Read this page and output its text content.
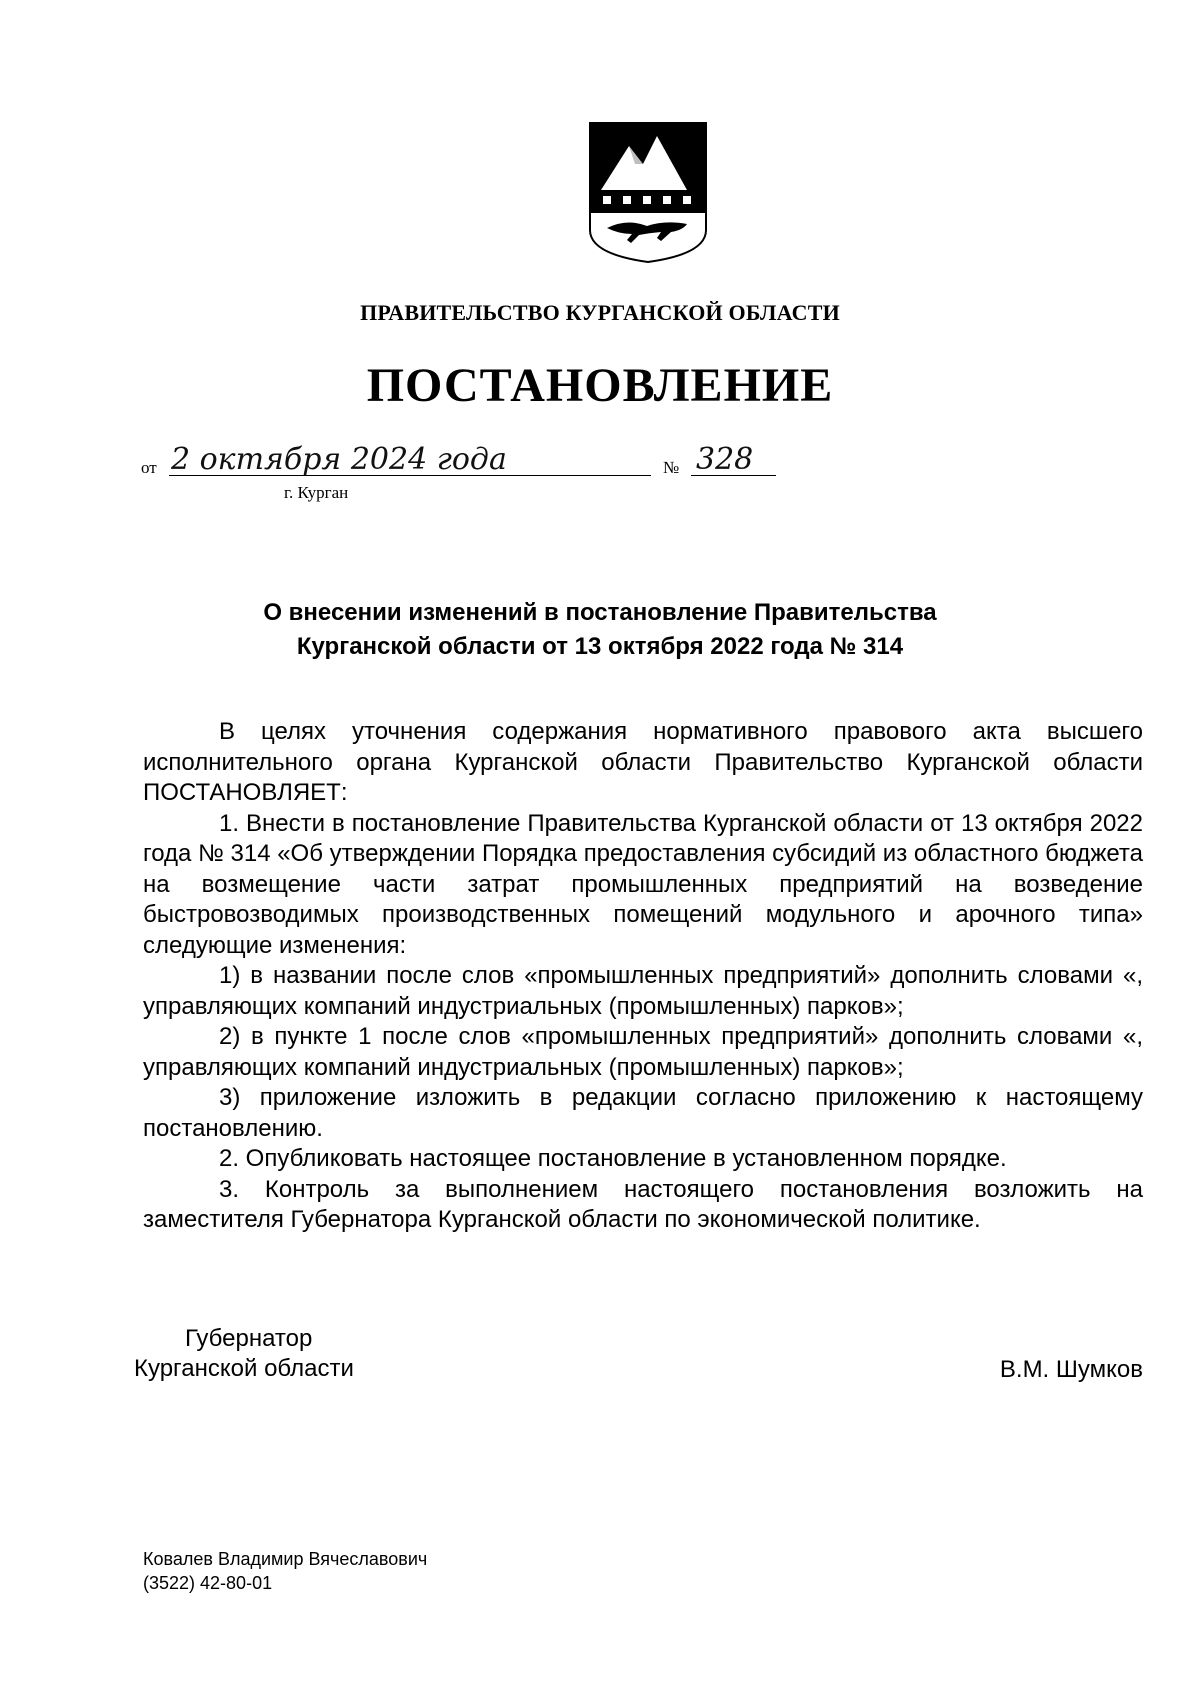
ПРАВИТЕЛЬСТВО КУРГАНСКОЙ ОБЛАСТИ
ПОСТАНОВЛЕНИЕ
от 2 октября 2024 года	№ 328
г. Курган
О внесении изменений в постановление Правительства
Курганской области от 13 октября 2022 года № 314

В целях уточнения содержания нормативного правового акта высшего исполнительного органа Курганской области Правительство Курганской области ПОСТАНОВЛЯЕТ:

1. Внести в постановление Правительства Курганской области от 13 октября 2022 года № 314 «Об утверждении Порядка предоставления субсидий из областного бюджета на возмещение части затрат промышленных предприятий на возведение быстровозводимых производственных помещений модульного и арочного типа» следующие изменения:

1) в названии после слов «промышленных предприятий» дополнить словами «, управляющих компаний индустриальных (промышленных) парков»;

2) в пункте 1 после слов «промышленных предприятий» дополнить словами «, управляющих компаний индустриальных (промышленных) парков»;

3) приложение изложить в редакции согласно приложению к настоящему постановлению.

2. Опубликовать настоящее постановление в установленном порядке.

3. Контроль за выполнением настоящего постановления возложить на заместителя Губернатора Курганской области по экономической политике.

Губернатор
Курганской области	В.М. Шумков
Ковалев Владимир Вячеславович
(3522) 42-80-01
